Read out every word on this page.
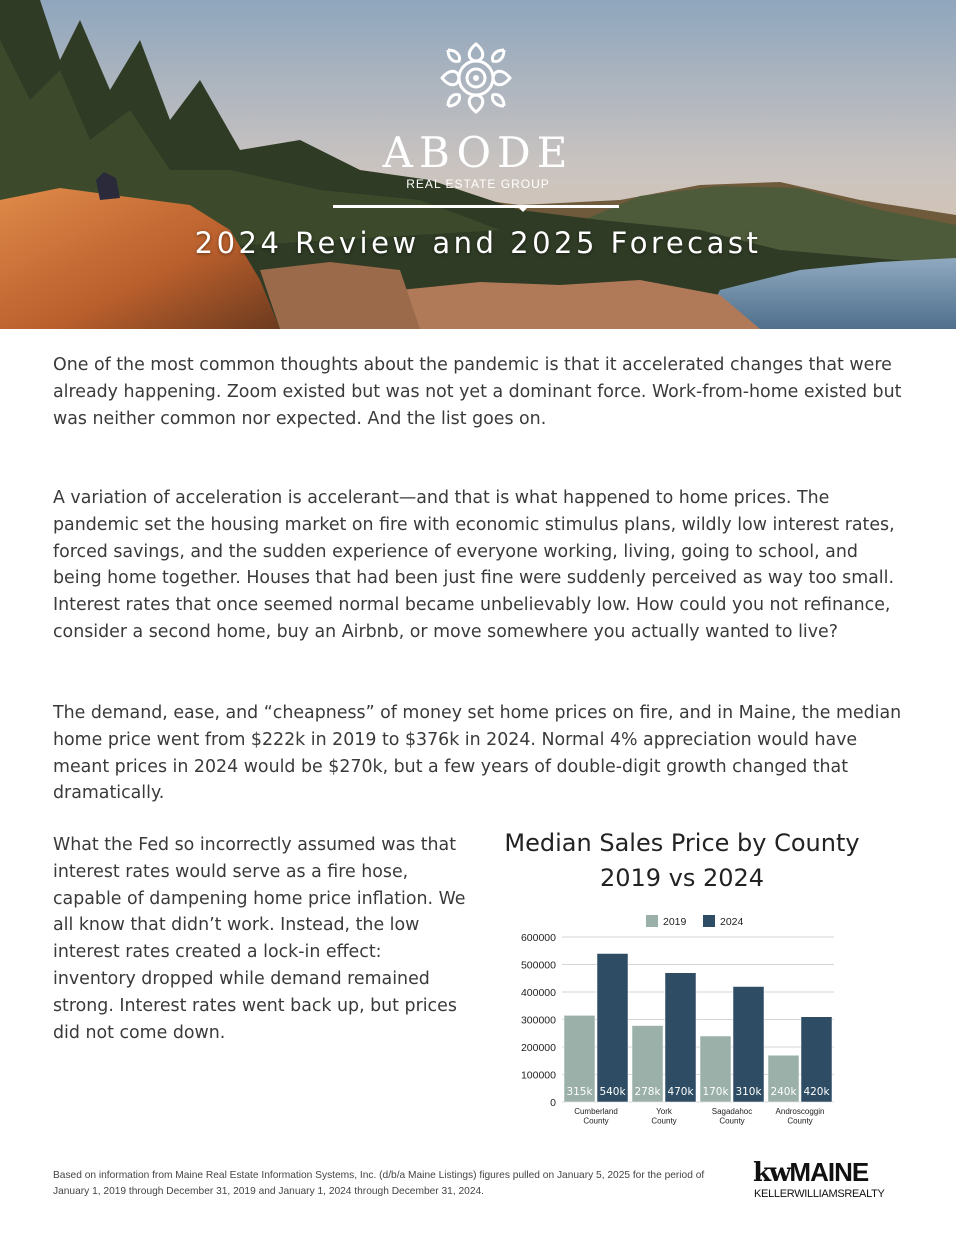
ABODE
REAL ESTATE GROUP
2024 Review and 2025 Forecast

One of the most common thoughts about the pandemic is that it accelerated changes that were already happening. Zoom existed but was not yet a dominant force. Work-from-home existed but was neither common nor expected. And the list goes on.

A variation of acceleration is accelerant—and that is what happened to home prices. The pandemic set the housing market on fire with economic stimulus plans, wildly low interest rates, forced savings, and the sudden experience of everyone working, living, going to school, and being home together. Houses that had been just fine were suddenly perceived as way too small. Interest rates that once seemed normal became unbelievably low. How could you not refinance, consider a second home, buy an Airbnb, or move somewhere you actually wanted to live?

The demand, ease, and “cheapness” of money set home prices on fire, and in Maine, the median home price went from $222k in 2019 to $376k in 2024. Normal 4% appreciation would have meant prices in 2024 would be $270k, but a few years of double-digit growth changed that dramatically.

What the Fed so incorrectly assumed was that interest rates would serve as a fire hose, capable of dampening home price inflation. We all know that didn’t work. Instead, the low interest rates created a lock-in effect: inventory dropped while demand remained strong. Interest rates went back up, but prices did not come down.

Median Sales Price by County
2019 vs 2024
0
100000
200000
300000
400000
500000
600000
2019	2024
315k 540k
Cumberland
County
278k 470k
York
County
170k 310k
Sagadahoc
County
240k 420k
Androscoggin
County
Based on information from Maine Real Estate Information Systems, Inc. (d/b/a Maine Listings) figures pulled on January 5, 2025 for the period of January 1, 2019 through December 31, 2019 and January 1, 2024 through December 31, 2024.
kwMAINE
KELLERWILLIAMSREALTY
